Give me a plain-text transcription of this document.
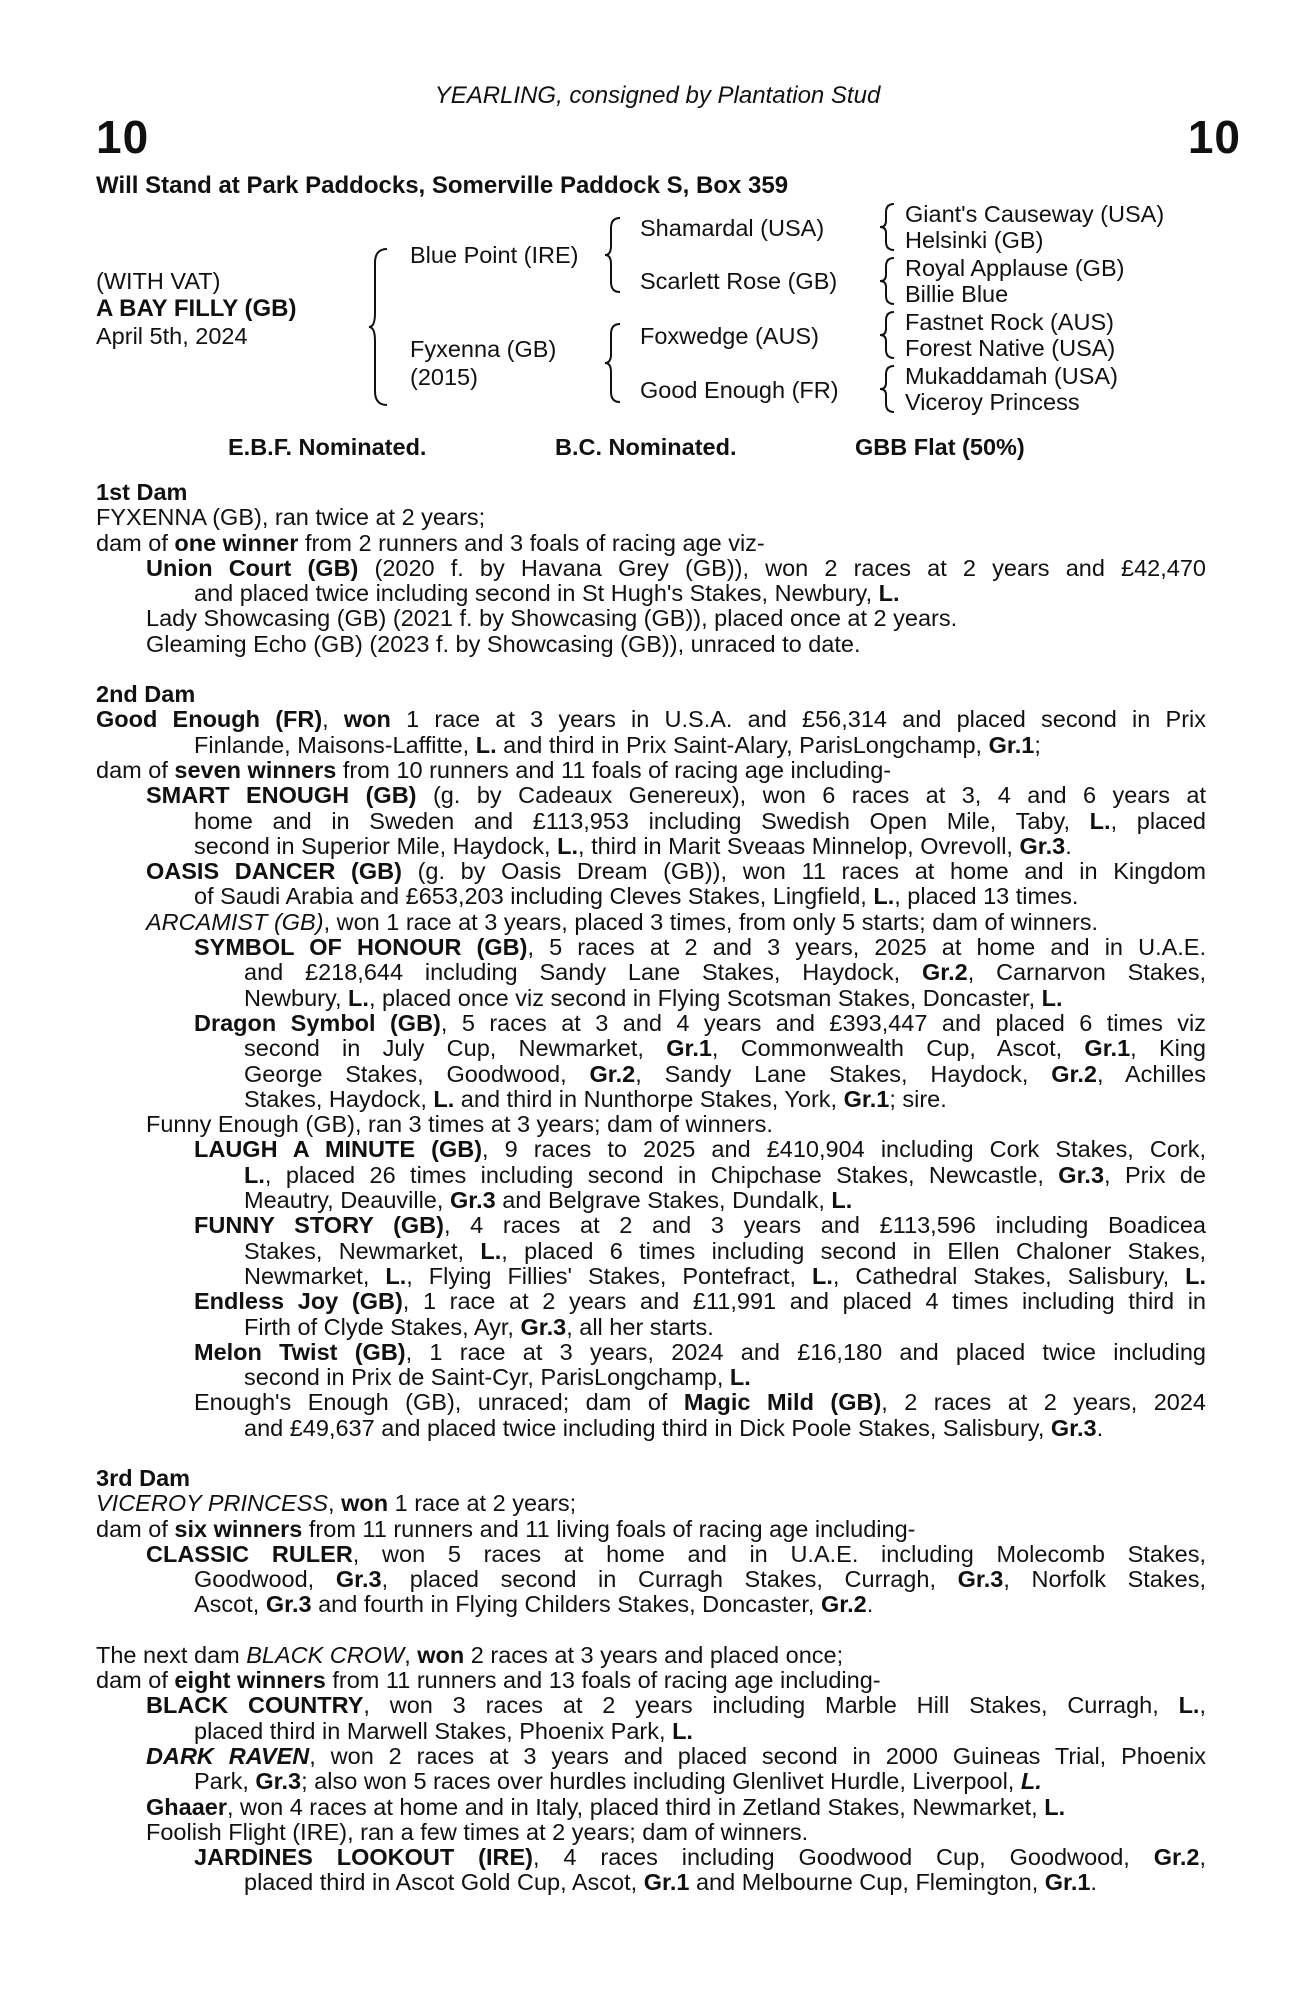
YEARLING, consigned by Plantation Stud
10	10
Will Stand at Park Paddocks, Somerville Paddock S, Box 359
(WITH VAT)
A BAY FILLY (GB)
April 5th, 2024
Blue Point (IRE)
Fyxenna (GB)
(2015)
Shamardal (USA)
Scarlett Rose (GB)
Foxwedge (AUS)
Good Enough (FR)
Giant's Causeway (USA)
Helsinki (GB)
Royal Applause (GB)
Billie Blue
Fastnet Rock (AUS)
Forest Native (USA)
Mukaddamah (USA)
Viceroy Princess
E.B.F. Nominated.	B.C. Nominated.	GBB Flat (50%)
1st Dam
FYXENNA (GB), ran twice at 2 years;
dam of one winner from 2 runners and 3 foals of racing age viz-
Union Court (GB) (2020 f. by Havana Grey (GB)), won 2 races at 2 years and £42,470
and placed twice including second in St Hugh's Stakes, Newbury, L.
Lady Showcasing (GB) (2021 f. by Showcasing (GB)), placed once at 2 years.
Gleaming Echo (GB) (2023 f. by Showcasing (GB)), unraced to date.
2nd Dam
Good Enough (FR), won 1 race at 3 years in U.S.A. and £56,314 and placed second in Prix
Finlande, Maisons-Laffitte, L. and third in Prix Saint-Alary, ParisLongchamp, Gr.1;
dam of seven winners from 10 runners and 11 foals of racing age including-
SMART ENOUGH (GB) (g. by Cadeaux Genereux), won 6 races at 3, 4 and 6 years at
home and in Sweden and £113,953 including Swedish Open Mile, Taby, L., placed
second in Superior Mile, Haydock, L., third in Marit Sveaas Minnelop, Ovrevoll, Gr.3.
OASIS DANCER (GB) (g. by Oasis Dream (GB)), won 11 races at home and in Kingdom
of Saudi Arabia and £653,203 including Cleves Stakes, Lingfield, L., placed 13 times.
ARCAMIST (GB), won 1 race at 3 years, placed 3 times, from only 5 starts; dam of winners.
SYMBOL OF HONOUR (GB), 5 races at 2 and 3 years, 2025 at home and in U.A.E.
and £218,644 including Sandy Lane Stakes, Haydock, Gr.2, Carnarvon Stakes,
Newbury, L., placed once viz second in Flying Scotsman Stakes, Doncaster, L.
Dragon Symbol (GB), 5 races at 3 and 4 years and £393,447 and placed 6 times viz
second in July Cup, Newmarket, Gr.1, Commonwealth Cup, Ascot, Gr.1, King
George Stakes, Goodwood, Gr.2, Sandy Lane Stakes, Haydock, Gr.2, Achilles
Stakes, Haydock, L. and third in Nunthorpe Stakes, York, Gr.1; sire.
Funny Enough (GB), ran 3 times at 3 years; dam of winners.
LAUGH A MINUTE (GB), 9 races to 2025 and £410,904 including Cork Stakes, Cork,
L., placed 26 times including second in Chipchase Stakes, Newcastle, Gr.3, Prix de
Meautry, Deauville, Gr.3 and Belgrave Stakes, Dundalk, L.
FUNNY STORY (GB), 4 races at 2 and 3 years and £113,596 including Boadicea
Stakes, Newmarket, L., placed 6 times including second in Ellen Chaloner Stakes,
Newmarket, L., Flying Fillies' Stakes, Pontefract, L., Cathedral Stakes, Salisbury, L.
Endless Joy (GB), 1 race at 2 years and £11,991 and placed 4 times including third in
Firth of Clyde Stakes, Ayr, Gr.3, all her starts.
Melon Twist (GB), 1 race at 3 years, 2024 and £16,180 and placed twice including
second in Prix de Saint-Cyr, ParisLongchamp, L.
Enough's Enough (GB), unraced; dam of Magic Mild (GB), 2 races at 2 years, 2024
and £49,637 and placed twice including third in Dick Poole Stakes, Salisbury, Gr.3.
3rd Dam
VICEROY PRINCESS, won 1 race at 2 years;
dam of six winners from 11 runners and 11 living foals of racing age including-
CLASSIC RULER, won 5 races at home and in U.A.E. including Molecomb Stakes,
Goodwood, Gr.3, placed second in Curragh Stakes, Curragh, Gr.3, Norfolk Stakes,
Ascot, Gr.3 and fourth in Flying Childers Stakes, Doncaster, Gr.2.
The next dam BLACK CROW, won 2 races at 3 years and placed once;
dam of eight winners from 11 runners and 13 foals of racing age including-
BLACK COUNTRY, won 3 races at 2 years including Marble Hill Stakes, Curragh, L.,
placed third in Marwell Stakes, Phoenix Park, L.
DARK RAVEN, won 2 races at 3 years and placed second in 2000 Guineas Trial, Phoenix
Park, Gr.3; also won 5 races over hurdles including Glenlivet Hurdle, Liverpool, L.
Ghaaer, won 4 races at home and in Italy, placed third in Zetland Stakes, Newmarket, L.
Foolish Flight (IRE), ran a few times at 2 years; dam of winners.
JARDINES LOOKOUT (IRE), 4 races including Goodwood Cup, Goodwood, Gr.2,
placed third in Ascot Gold Cup, Ascot, Gr.1 and Melbourne Cup, Flemington, Gr.1.
